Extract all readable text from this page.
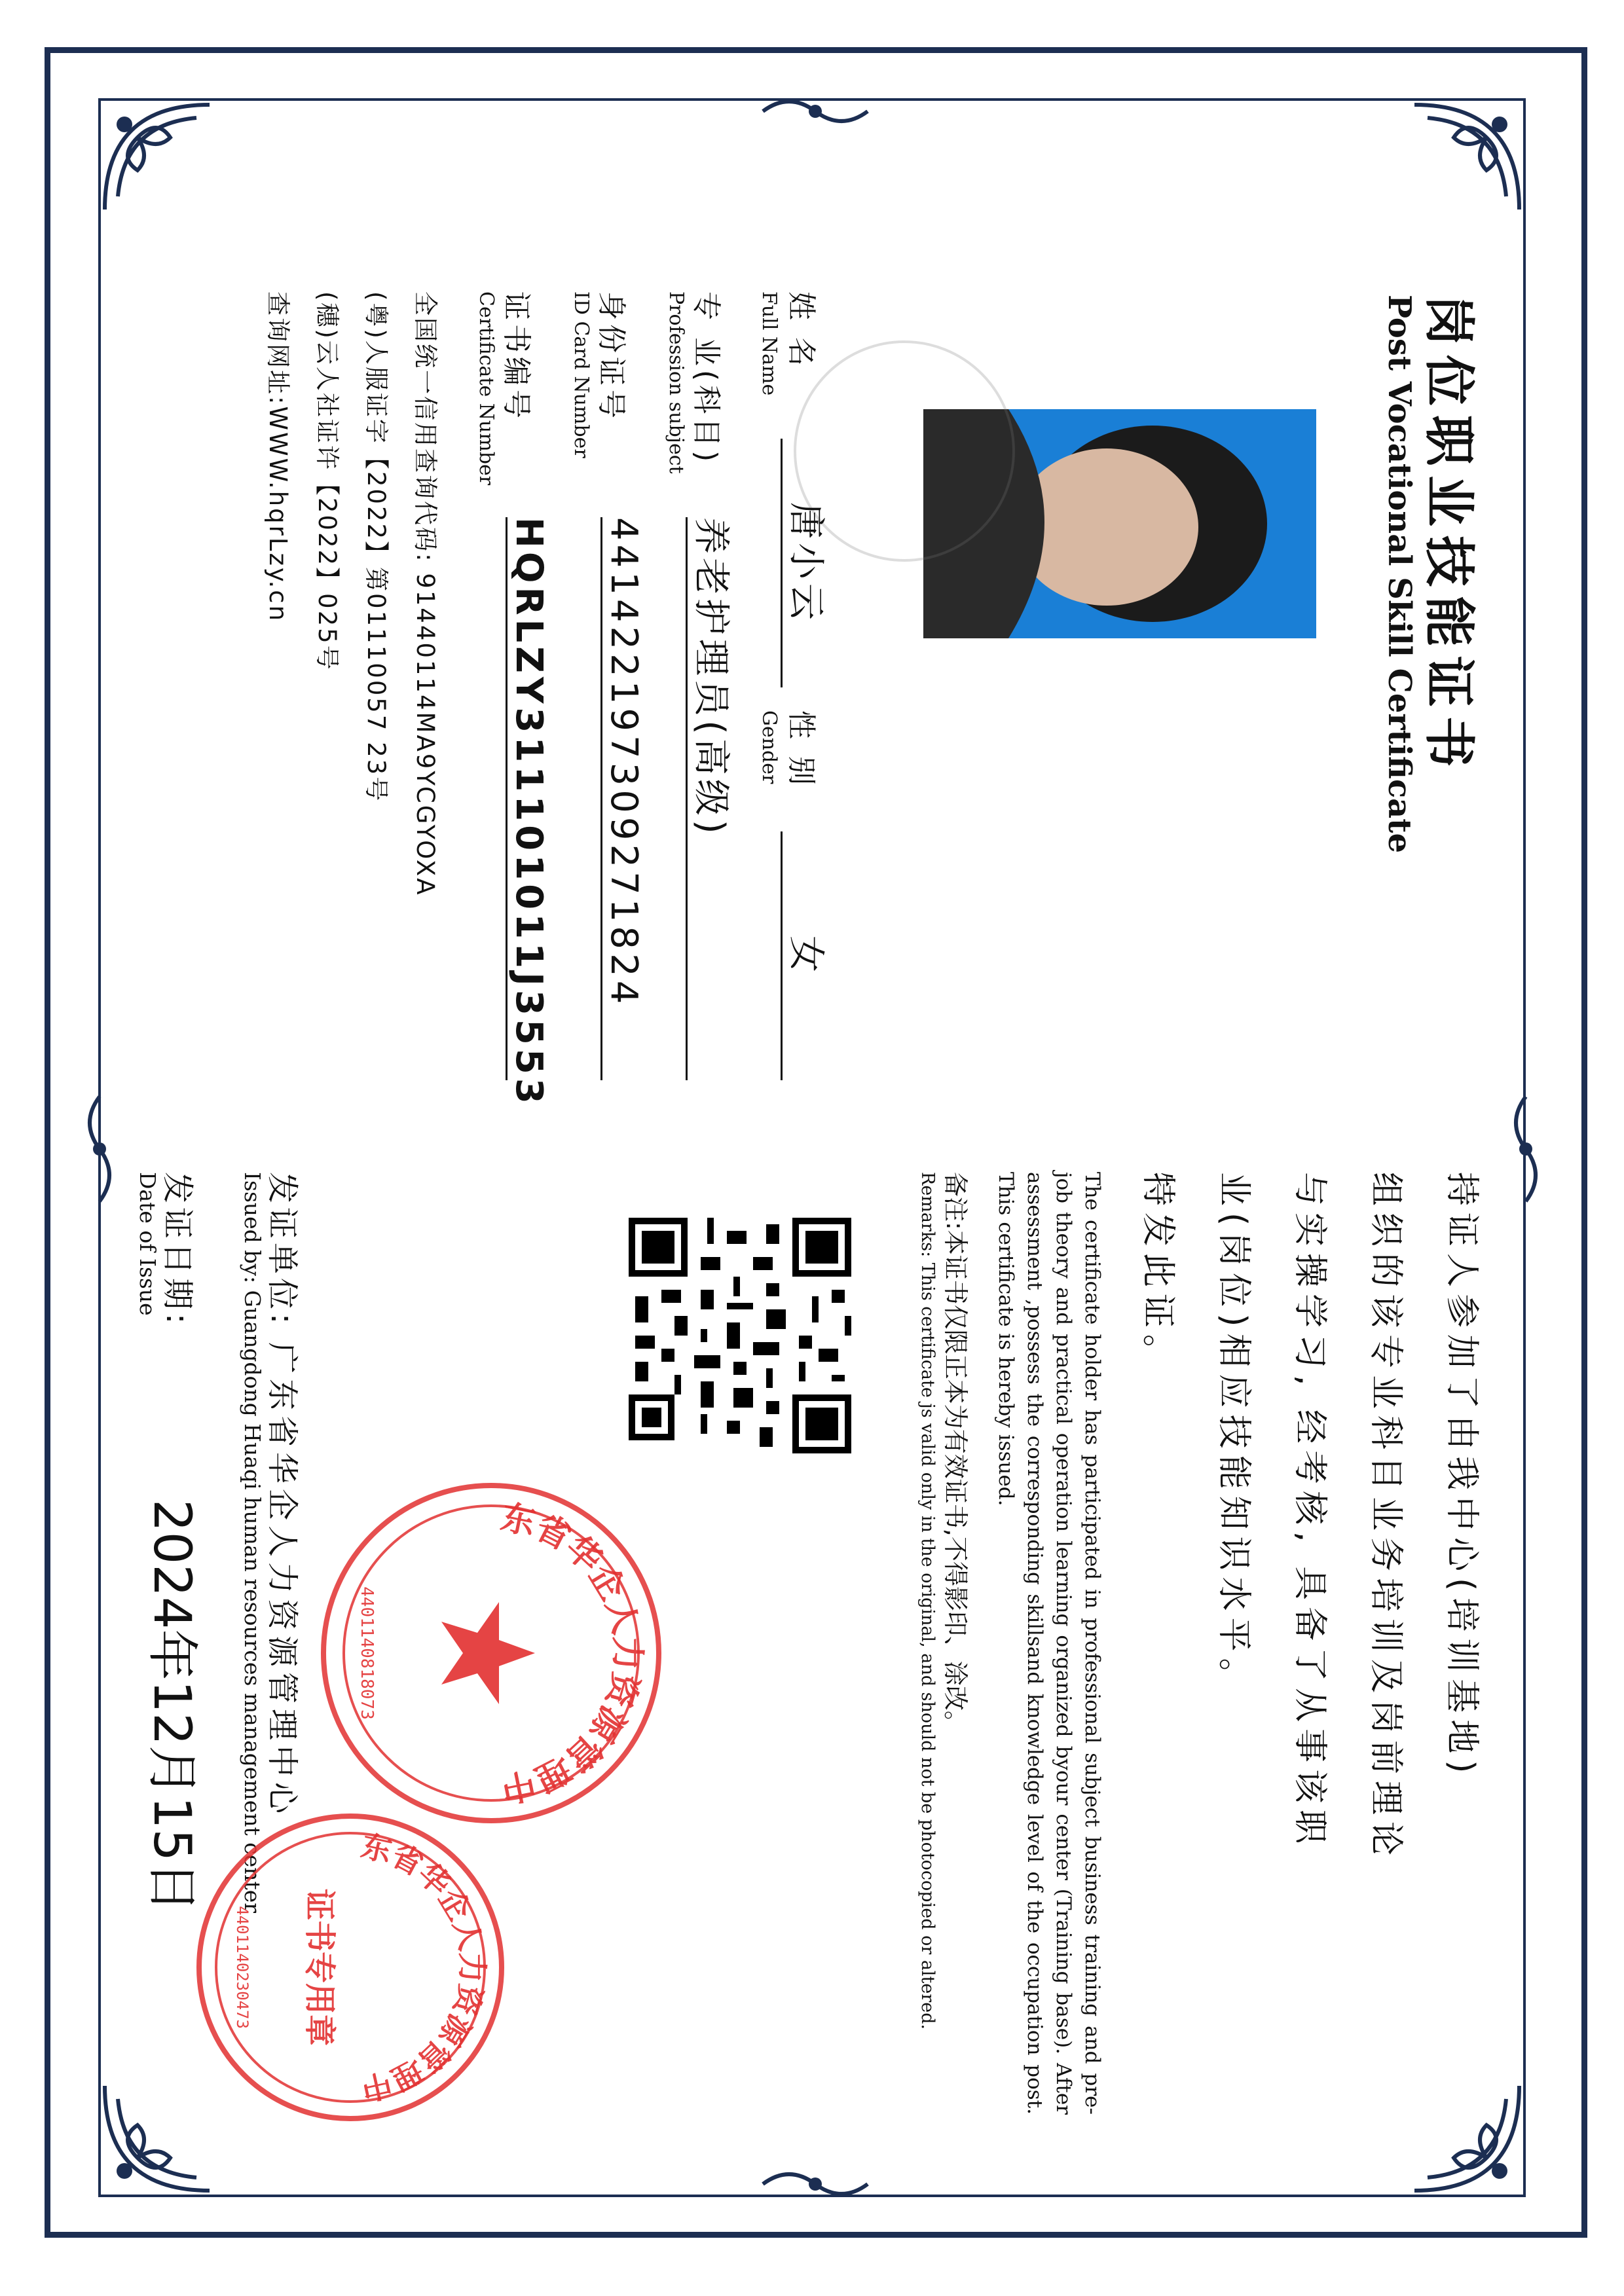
岗位职业技能证书
Post Vocational Skill Certificate
姓 名
Full Name
唐小云
性 别
Gender
女
专 业(科目)
Profession subject
养老护理员(高级)
身份证号
ID Card Number
441422197309271824
证书编号
Certificate Number
HQRLZY311101011J3553
全国统一信用查询代码: 91440114MA9YCGYOXA
(粤)人服证字【2022】第01110057 23号
(穗)云人社证许【2022】025号
查询网址:WWW.hqrLzy.cn
持证人参加了由我中心(培训基地)
组织的该专业科目业务培训及岗前理论
与实操学习, 经考核, 具备了从事该职
业(岗位)相应技能知识水平。
特发此证。
The certificate holder has participated in professional subject business training and pre-job theory and practical operation learning organized byour center (Training base). After assessment ,possess the corresponding skillsand knowledge level of the occupation post. This certificate is hereby issued.
备注:本证书仅限正本为有效证书,不得影印、涂改。
Remarks: This certificate js valid only in the original, and should not be photocopied or altered.
发证单位:
广东省华企人力资源管理中心
Issued by: Guangdong Huaqi human resources management center
发证日期:
Date of Issue
2024年12月15日	东省华企人力资源管理中
4401140818073
东省华企人力资源管理中
证书专用章
4401140230473
